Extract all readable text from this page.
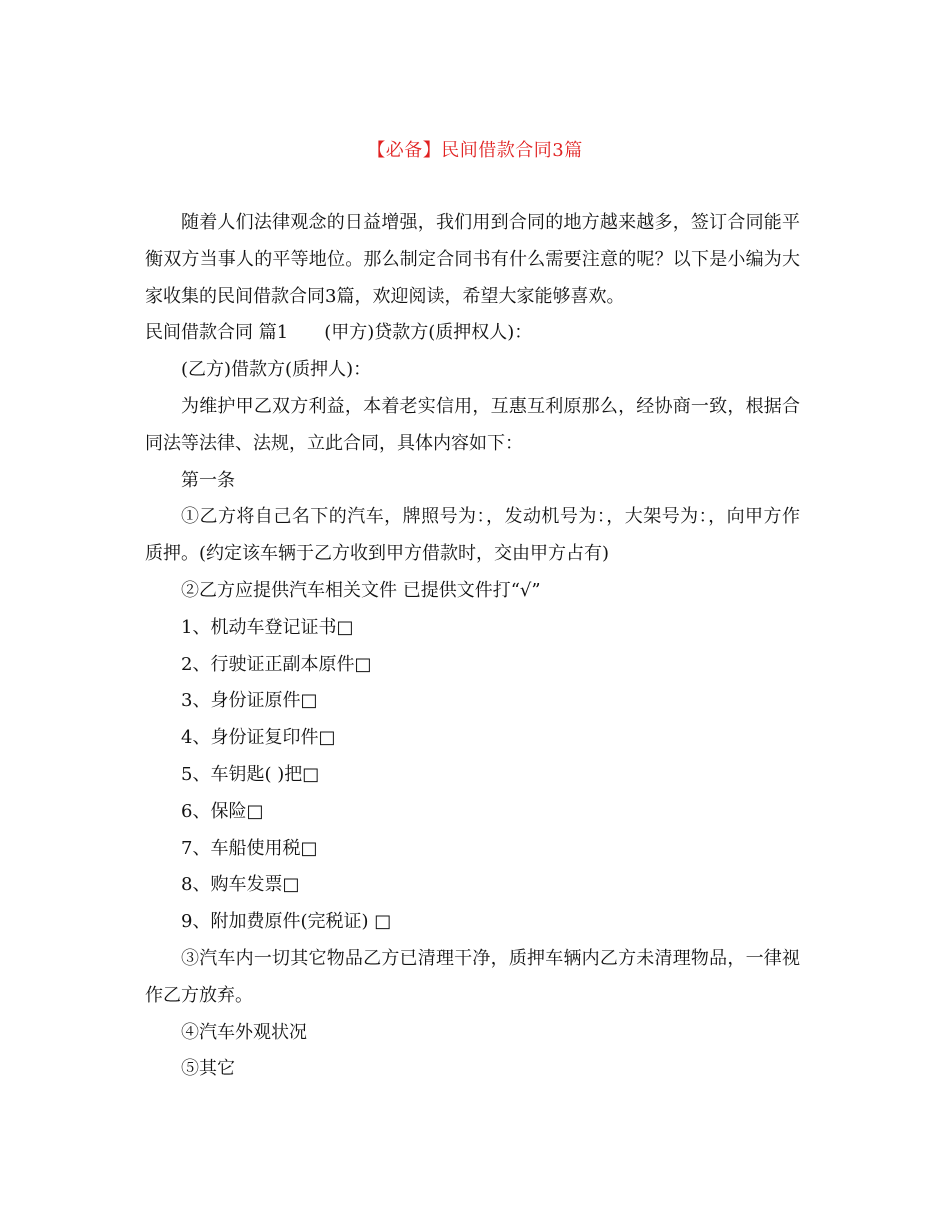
【必备】民间借款合同3篇

随着人们法律观念的日益增强，我们用到合同的地方越来越多，签订合同能平衡双方当事人的平等地位。那么制定合同书有什么需要注意的呢？以下是小编为大家收集的民间借款合同3篇，欢迎阅读，希望大家能够喜欢。

民间借款合同 篇1 (甲方)贷款方(质押权人)：

(乙方)借款方(质押人)：

为维护甲乙双方利益，本着老实信用，互惠互利原那么，经协商一致，根据合同法等法律、法规，立此合同，具体内容如下：

第一条

①乙方将自己名下的汽车，牌照号为：，发动机号为：，大架号为：，向甲方作质押。(约定该车辆于乙方收到甲方借款时，交由甲方占有)

②乙方应提供汽车相关文件 已提供文件打“√”

1、机动车登记证书□

2、行驶证正副本原件□

3、身份证原件□

4、身份证复印件□

5、车钥匙( )把□

6、保险□

7、车船使用税□

8、购车发票□

9、附加费原件(完税证) □

③汽车内一切其它物品乙方已清理干净，质押车辆内乙方未清理物品，一律视作乙方放弃。

④汽车外观状况

⑤其它
